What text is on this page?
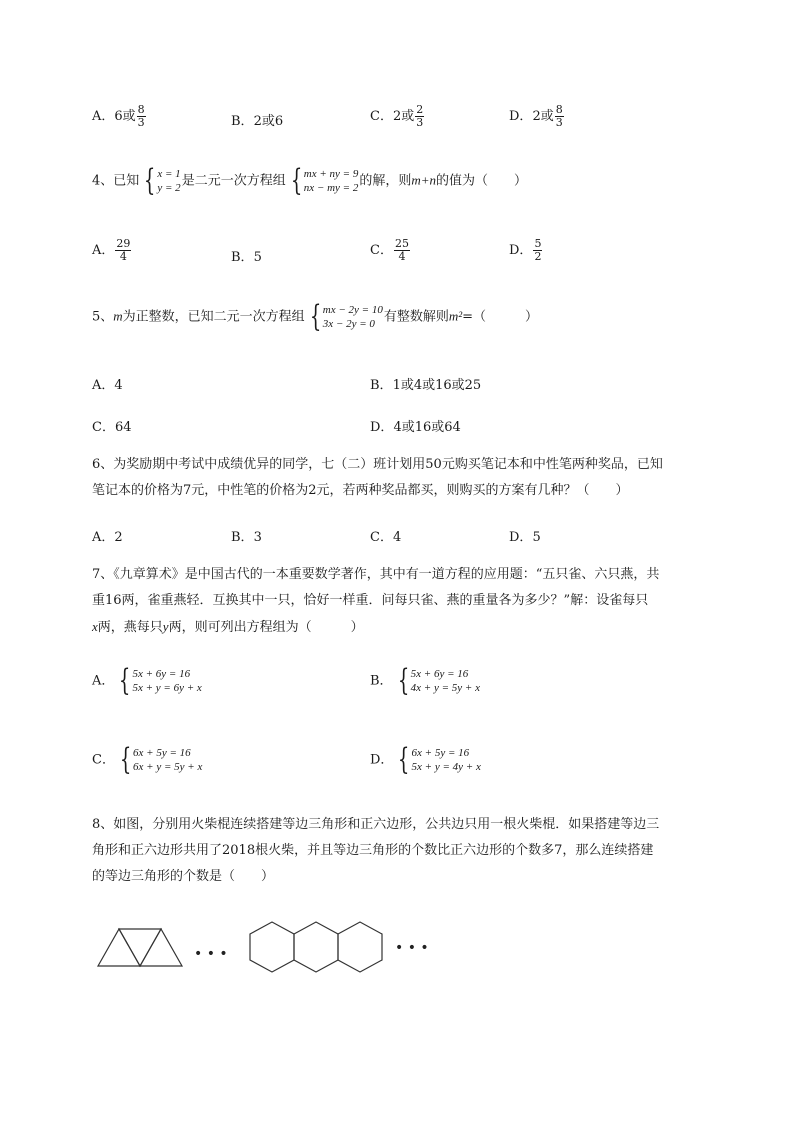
A．6或 $\frac{8}{3}$	B．2或6	C．2或 $\frac{2}{3}$	D．2或 $\frac{8}{3}$
4、已知 { x = 1
y = 2 是二元一次方程组 { mx + ny = 9
nx − my = 2 的解，则m+n的值为（　　）
A． $\frac{29}{4}$	B．5	C． $\frac{25}{4}$	D． $\frac{5}{2}$
5、m为正整数，已知二元一次方程组 { mx − 2y = 10
3x − 2y = 0 有整数解则m²=（　　　）
A．4	B．1或4或16或25
C．64	D．4或16或64
6、为奖励期中考试中成绩优异的同学，七（二）班计划用50元购买笔记本和中性笔两种奖品，已知
笔记本的价格为7元，中性笔的价格为2元，若两种奖品都买，则购买的方案有几种？（　　）
A．2	B．3	C．4	D．5
7、《九章算术》是中国古代的一本重要数学著作，其中有一道方程的应用题：“五只雀、六只燕，共
重16两，雀重燕轻．互换其中一只，恰好一样重．问每只雀、燕的重量各为多少？”解：设雀每只
x两，燕每只y两，则可列出方程组为（　　　）
A． { 5x + 6y = 16
5x + y = 6y + x	B． { 5x + 6y = 16
4x + y = 5y + x
C． { 6x + 5y = 16
6x + y = 5y + x	D． { 6x + 5y = 16
5x + y = 4y + x
8、如图，分别用火柴棍连续搭建等边三角形和正六边形，公共边只用一根火柴棍．如果搭建等边三
角形和正六边形共用了2018根火柴，并且等边三角形的个数比正六边形的个数多7，那么连续搭建
的等边三角形的个数是（　　）
• • •	• • •
